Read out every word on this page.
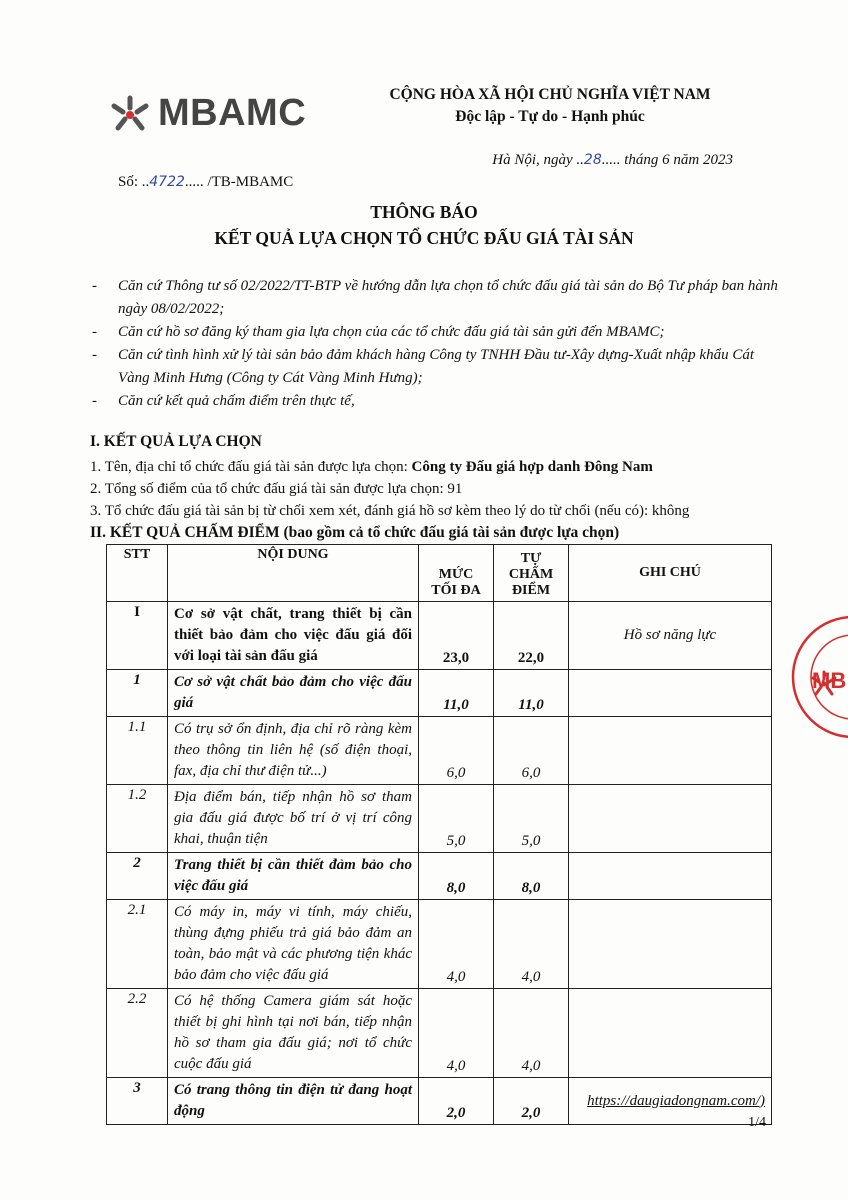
MBAMC	CỘNG HÒA XÃ HỘI CHỦ NGHĨA VIỆT NAM
Độc lập - Tự do - Hạnh phúc
Hà Nội, ngày ..28..... tháng 6 năm 2023
Số: ..4722..... /TB-MBAMC
THÔNG BÁO
KẾT QUẢ LỰA CHỌN TỔ CHỨC ĐẤU GIÁ TÀI SẢN
- Căn cứ Thông tư số 02/2022/TT-BTP về hướng dẫn lựa chọn tổ chức đấu giá tài sản do Bộ Tư pháp ban hành ngày 08/02/2022;
- Căn cứ hồ sơ đăng ký tham gia lựa chọn của các tổ chức đấu giá tài sản gửi đến MBAMC;
- Căn cứ tình hình xử lý tài sản bảo đảm khách hàng Công ty TNHH Đầu tư-Xây dựng-Xuất nhập khẩu Cát Vàng Minh Hưng (Công ty Cát Vàng Minh Hưng);
- Căn cứ kết quả chấm điểm trên thực tế,
I. KẾT QUẢ LỰA CHỌN
1. Tên, địa chỉ tổ chức đấu giá tài sản được lựa chọn: Công ty Đấu giá hợp danh Đông Nam
2. Tổng số điểm của tổ chức đấu giá tài sản được lựa chọn: 91
3. Tổ chức đấu giá tài sản bị từ chối xem xét, đánh giá hồ sơ kèm theo lý do từ chối (nếu có): không
II. KẾT QUẢ CHẤM ĐIỂM (bao gồm cả tổ chức đấu giá tài sản được lựa chọn)
STT	NỘI DUNG	MỨC TỐI ĐA	TỰ CHẤM ĐIỂM	GHI CHÚ
I	Cơ sở vật chất, trang thiết bị cần thiết bảo đảm cho việc đấu giá đối với loại tài sản đấu giá	23,0	22,0	Hồ sơ năng lực
1	Cơ sở vật chất bảo đảm cho việc đấu giá	11,0	11,0	
1.1	Có trụ sở ổn định, địa chỉ rõ ràng kèm theo thông tin liên hệ (số điện thoại, fax, địa chỉ thư điện tử...)	6,0	6,0	
1.2	Địa điểm bán, tiếp nhận hồ sơ tham gia đấu giá được bố trí ở vị trí công khai, thuận tiện	5,0	5,0	
2	Trang thiết bị cần thiết đảm bảo cho việc đấu giá	8,0	8,0	
2.1	Có máy in, máy vi tính, máy chiếu, thùng đựng phiếu trả giá bảo đảm an toàn, bảo mật và các phương tiện khác bảo đảm cho việc đấu giá	4,0	4,0	
2.2	Có hệ thống Camera giám sát hoặc thiết bị ghi hình tại nơi bán, tiếp nhận hồ sơ tham gia đấu giá; nơi tổ chức cuộc đấu giá	4,0	4,0	
3	Có trang thông tin điện tử đang hoạt động	2,0	2,0	https://daugiadongnam.com/)
MB
1/4
